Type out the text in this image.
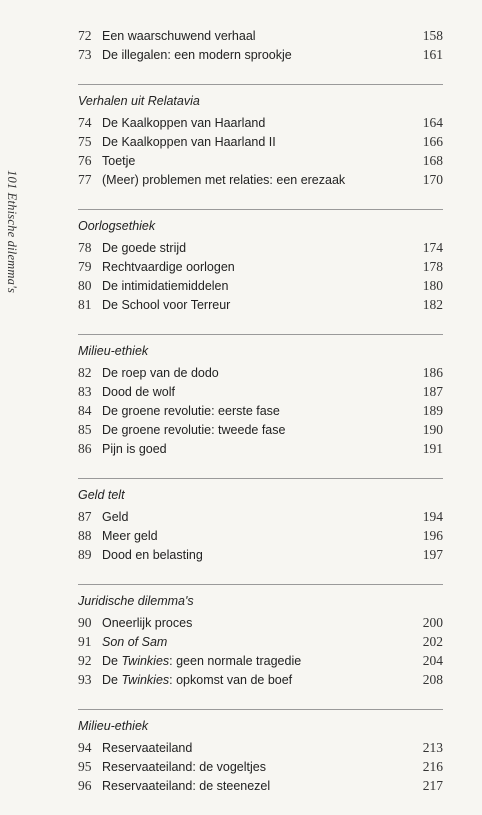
101 Ethische dilemma's
72 Een waarschuwend verhaal	158
73 De illegalen: een modern sprookje	161
Verhalen uit Relatavia
74 De Kaalkoppen van Haarland	164
75 De Kaalkoppen van Haarland II	166
76 Toetje	168
77 (Meer) problemen met relaties: een erezaak	170
Oorlogsethiek
78 De goede strijd	174
79 Rechtvaardige oorlogen	178
80 De intimidatiemiddelen	180
81 De School voor Terreur	182
Milieu-ethiek
82 De roep van de dodo	186
83 Dood de wolf	187
84 De groene revolutie: eerste fase	189
85 De groene revolutie: tweede fase	190
86 Pijn is goed	191
Geld telt
87 Geld	194
88 Meer geld	196
89 Dood en belasting	197
Juridische dilemma's
90 Oneerlijk proces	200
91 Son of Sam	202
92 De Twinkies: geen normale tragedie	204
93 De Twinkies: opkomst van de boef	208
Milieu-ethiek
94 Reservaateiland	213
95 Reservaateiland: de vogeltjes	216
96 Reservaateiland: de steenezel	217
